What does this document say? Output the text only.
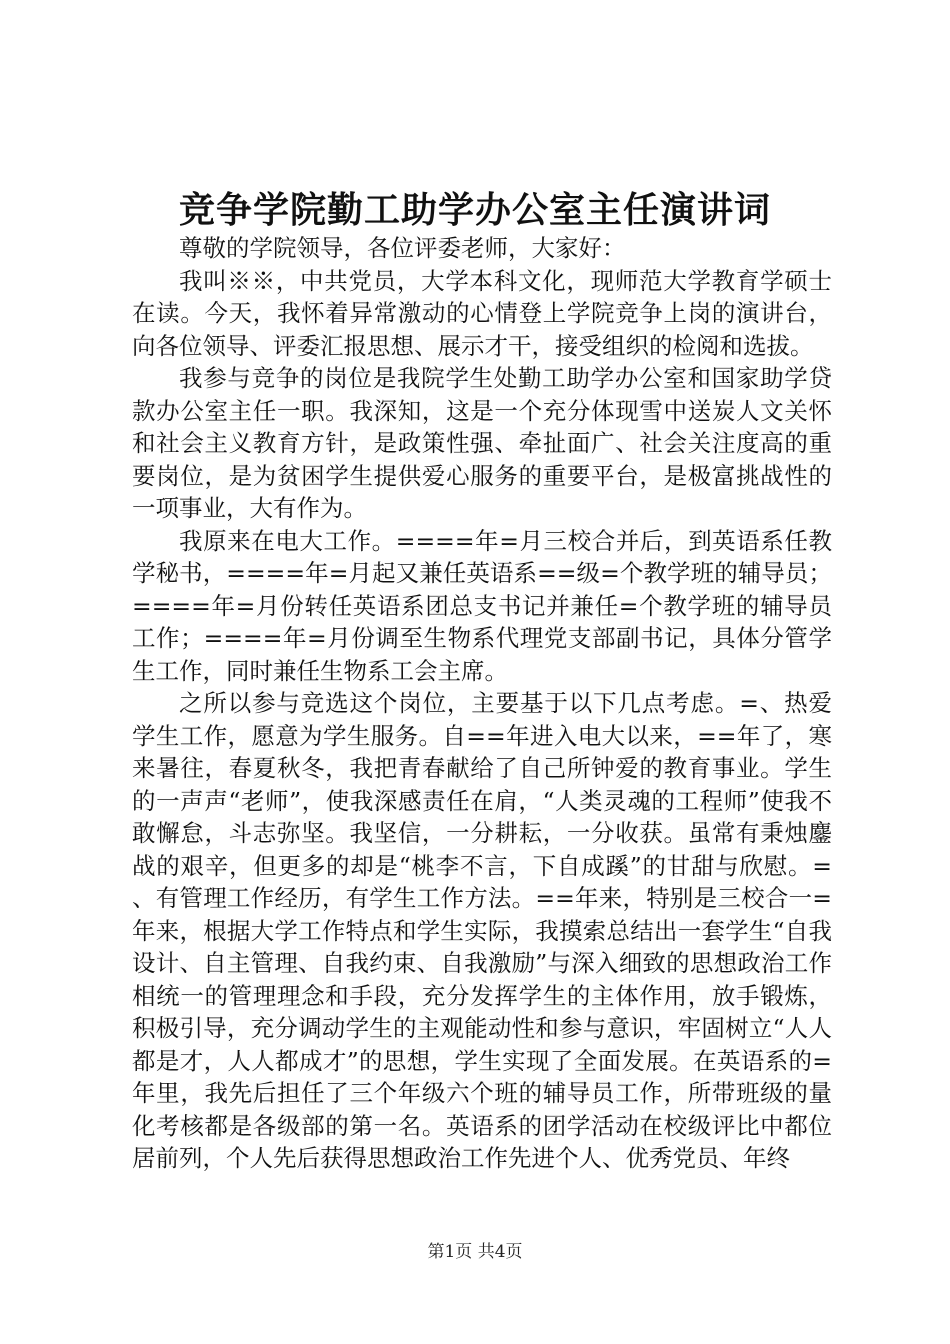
竞争学院勤工助学办公室主任演讲词

尊敬的学院领导，各位评委老师，大家好：

我叫※※，中共党员，大学本科文化，现师范大学教育学硕士在读。今天，我怀着异常激动的心情登上学院竞争上岗的演讲台，向各位领导、评委汇报思想、展示才干，接受组织的检阅和选拔。

我参与竞争的岗位是我院学生处勤工助学办公室和国家助学贷款办公室主任一职。我深知，这是一个充分体现雪中送炭人文关怀和社会主义教育方针，是政策性强、牵扯面广、社会关注度高的重要岗位，是为贫困学生提供爱心服务的重要平台，是极富挑战性的一项事业，大有作为。

我原来在电大工作。====年=月三校合并后，到英语系任教学秘书，====年=月起又兼任英语系==级=个教学班的辅导员；====年=月份转任英语系团总支书记并兼任=个教学班的辅导员工作；====年=月份调至生物系代理党支部副书记，具体分管学生工作，同时兼任生物系工会主席。

之所以参与竞选这个岗位，主要基于以下几点考虑。=、热爱学生工作，愿意为学生服务。自==年进入电大以来，==年了，寒来暑往，春夏秋冬，我把青春献给了自己所钟爱的教育事业。学生的一声声“老师”，使我深感责任在肩，“人类灵魂的工程师”使我不敢懈怠，斗志弥坚。我坚信，一分耕耘，一分收获。虽常有秉烛鏖战的艰辛，但更多的却是“桃李不言，下自成蹊”的甘甜与欣慰。=、有管理工作经历，有学生工作方法。==年来，特别是三校合一=年来，根据大学工作特点和学生实际，我摸索总结出一套学生“自我设计、自主管理、自我约束、自我激励”与深入细致的思想政治工作相统一的管理理念和手段，充分发挥学生的主体作用，放手锻炼，积极引导，充分调动学生的主观能动性和参与意识，牢固树立“人人都是才，人人都成才”的思想，学生实现了全面发展。在英语系的=年里，我先后担任了三个年级六个班的辅导员工作，所带班级的量化考核都是各级部的第一名。英语系的团学活动在校级评比中都位居前列，个人先后获得思想政治工作先进个人、优秀党员、年终

第1页 共4页
